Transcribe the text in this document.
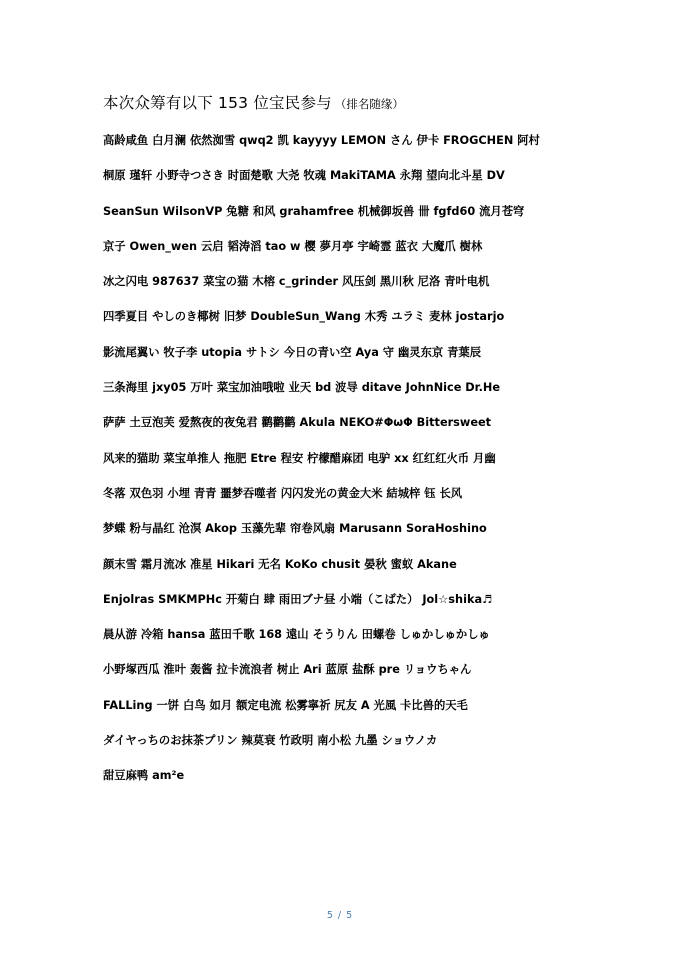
本次众筹有以下 153 位宝民参与 （排名随缘）
高龄咸鱼 白月澜 依然洳雪 qwq2 凯 kayyyy LEMON さん 伊卡 FROGCHEN 阿村
桐原 瑾轩 小野寺つさき 时面楚歌 大尧 牧魂 MakiTAMA 永翔 望向北斗星 DV
SeanSun WilsonVP 兔糖 和风 grahamfree 机械御坂兽 卌 fgfd60 流月苍穹
京子 Owen_wen 云启 韬涛滔 tao w 樱 夢月亭 宇崎霊 蓝衣 大魔爪 樹林
冰之闪电 987637 菜宝の猫 木榕 c_grinder 风压剑 黑川秋 尼洛 青叶电机
四季夏目 やしのき椰树 旧梦 DoubleSun_Wang 木秀 ユラミ 麦林 jostarjo
影流尾翼い 牧子李 utopia サトシ 今日の青い空 Aya 守 幽灵东京 青葉辰
三条海里 jxy05 万叶 菜宝加油哦啦 业天 bd 波导 ditave JohnNice Dr.He
萨萨 土豆泡芙 爱熬夜的夜兔君 鹳鹳鹳 Akula NEKO#ΦωΦ Bittersweet
风来的猫助 菜宝单推人 拖肥 Etre 程安 柠檬醋麻团 电驴 xx 红红红火币 月幽
冬落 双色羽 小埋 青青 噩梦吞噬者 闪闪发光の黄金大米 結城梓 钰 长风
梦蝶 粉与晶红 沧溟 Akop 玉藻先辈 帘卷风扇 Marusann SoraHoshino
颜末雪 霜月流冰 准星 Hikari 无名 KoKo chusit 晏秋 蜜蚁 Akane
Enjolras SMKMPHc 开菊白 肆 雨田ブナ昼 小端（こばた） Jol☆shika♬
晨从游 冷箱 hansa 蓝田千歌 168 遠山 そうりん 田螺卷 しゅかしゅかしゅ
小野塚西瓜 淮叶 轰酱 拉卡流浪者 树止 Ari 蓝原 盐酥 pre リョウちゃん
FALLing 一饼 白鸟 如月 额定电流 松雾寧祈 尻友 A 光風 卡比兽的天毛
ダイヤっちのお抹茶プリン 辣莫衰 竹政明 南小松 九墨 ショウノカ
甜豆麻鸭 am²e
5 / 5
